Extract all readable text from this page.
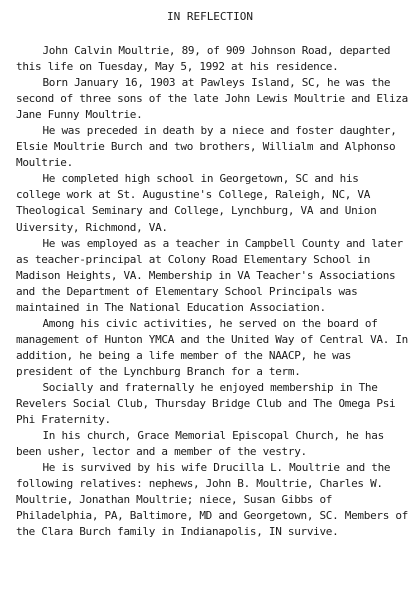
IN REFLECTION

John Calvin Moultrie, 89, of 909 Johnson Road, departed this life on Tuesday, May 5, 1992 at his residence.

Born January 16, 1903 at Pawleys Island, SC, he was the second of three sons of the late John Lewis Moultrie and Eliza Jane Funny Moultrie.

He was preceded in death by a niece and foster daughter, Elsie Moultrie Burch and two brothers, Willialm and Alphonso Moultrie.

He completed high school in Georgetown, SC and his college work at St. Augustine's College, Raleigh, NC, VA Theological Seminary and College, Lynchburg, VA and Union Uiversity, Richmond, VA.

He was employed as a teacher in Campbell County and later as teacher-principal at Colony Road Elementary School in Madison Heights, VA. Membership in VA Teacher's Associations and the Department of Elementary School Principals was maintained in The National Education Association.

Among his civic activities, he served on the board of management of Hunton YMCA and the United Way of Central VA. In addition, he being a life member of the NAACP, he was president of the Lynchburg Branch for a term.

Socially and fraternally he enjoyed membership in The Revelers Social Club, Thursday Bridge Club and The Omega Psi Phi Fraternity.

In his church, Grace Memorial Episcopal Church, he has been usher, lector and a member of the vestry.

He is survived by his wife Drucilla L. Moultrie and the following relatives: nephews, John B. Moultrie, Charles W. Moultrie, Jonathan Moultrie; niece, Susan Gibbs of Philadelphia, PA, Baltimore, MD and Georgetown, SC. Members of the Clara Burch family in Indianapolis, IN survive.
